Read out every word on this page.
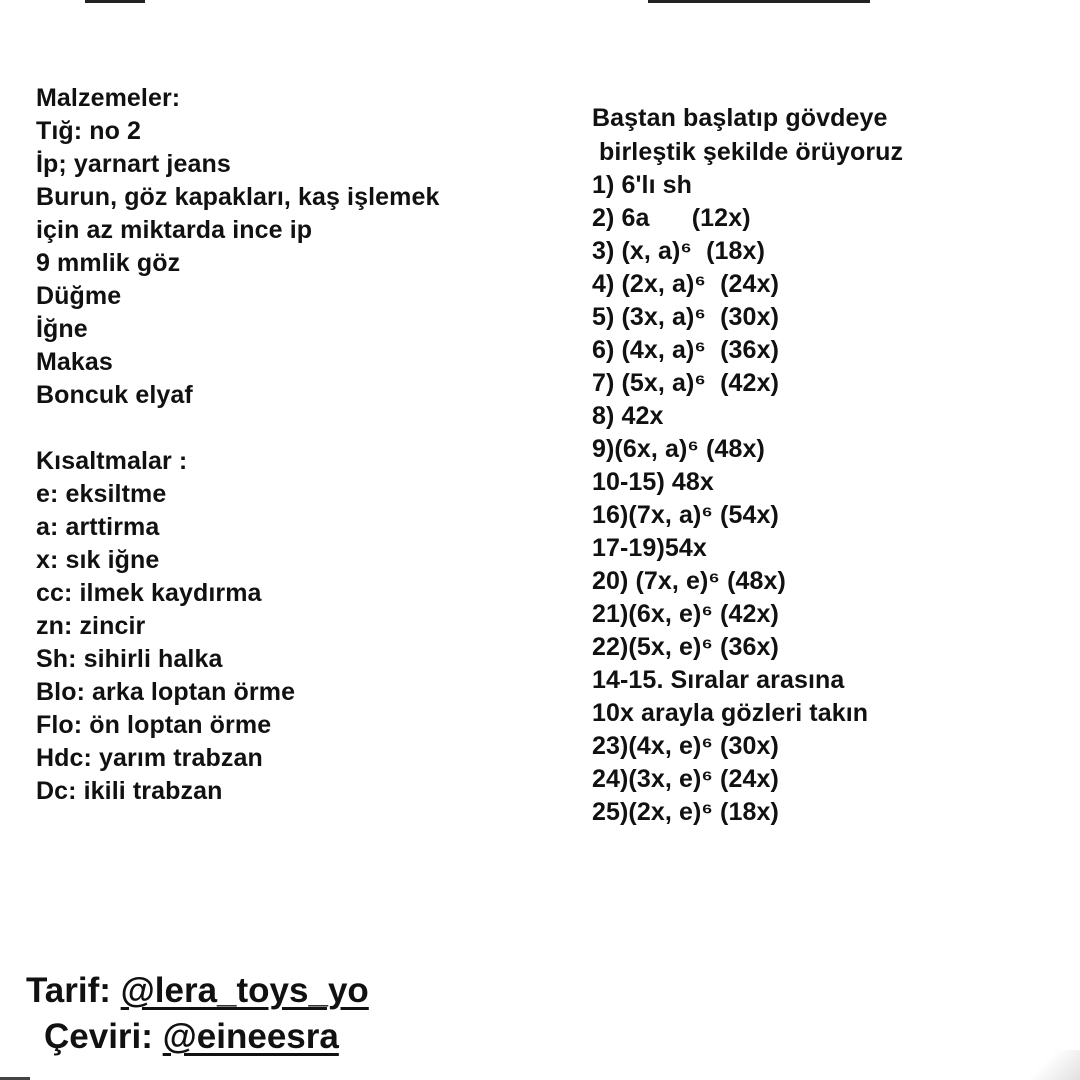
Malzemeler:
Tığ: no 2
İp; yarnart jeans
Burun, göz kapakları, kaş işlemek
için az miktarda ince ip
9 mmlik göz
Düğme
İğne
Makas
Boncuk elyaf
Kısaltmalar :
e: eksiltme
a: arttirma
x: sık iğne
cc: ilmek kaydırma
zn: zincir
Sh: sihirli halka
Blo: arka loptan örme
Flo: ön loptan örme
Hdc: yarım trabzan
Dc: ikili trabzan
Baştan başlatıp gövdeye
birleştik şekilde örüyoruz
1) 6'lı sh
2) 6a      (12x)
3) (x, a)⁶  (18x)
4) (2x, a)⁶  (24x)
5) (3x, a)⁶  (30x)
6) (4x, a)⁶  (36x)
7) (5x, a)⁶  (42x)
8) 42x
9)(6x, a)⁶ (48x)
10-15) 48x
16)(7x, a)⁶ (54x)
17-19)54x
20) (7x, e)⁶ (48x)
21)(6x, e)⁶ (42x)
22)(5x, e)⁶ (36x)
14-15. Sıralar arasına
10x arayla gözleri takın
23)(4x, e)⁶ (30x)
24)(3x, e)⁶ (24x)
25)(2x, e)⁶ (18x)
Tarif: @lera_toys_yo
Çeviri: @eineesra
